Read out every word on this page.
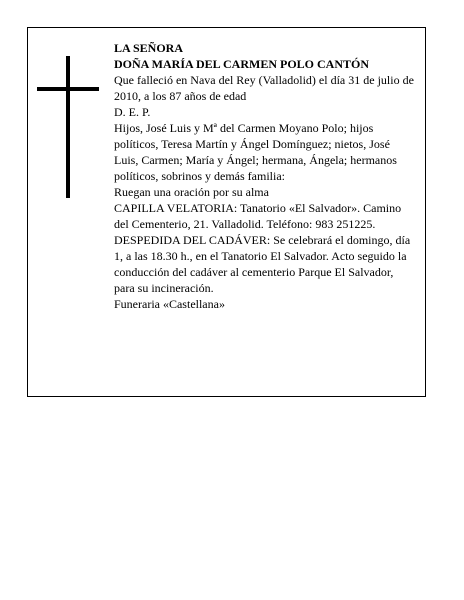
LA SEÑORA

DOÑA MARÍA DEL CARMEN POLO CANTÓN

Que falleció en Nava del Rey (Valladolid) el día 31 de julio de 2010, a los 87 años de edad

D. E. P.

Hijos, José Luis y Mª del Carmen Moyano Polo; hijos políticos, Teresa Martín y Ángel Domínguez; nietos, José Luis, Carmen; María y Ángel; hermana, Ángela; hermanos políticos, sobrinos y demás familia:

Ruegan una oración por su alma

CAPILLA VELATORIA: Tanatorio «El Salvador». Camino del Cementerio, 21. Valladolid. Teléfono: 983 251225.

DESPEDIDA DEL CADÁVER: Se celebrará el domingo, día 1, a las 18.30 h., en el Tanatorio El Salvador. Acto seguido la conducción del cadáver al cementerio Parque El Salvador, para su incineración.

Funeraria «Castellana»
